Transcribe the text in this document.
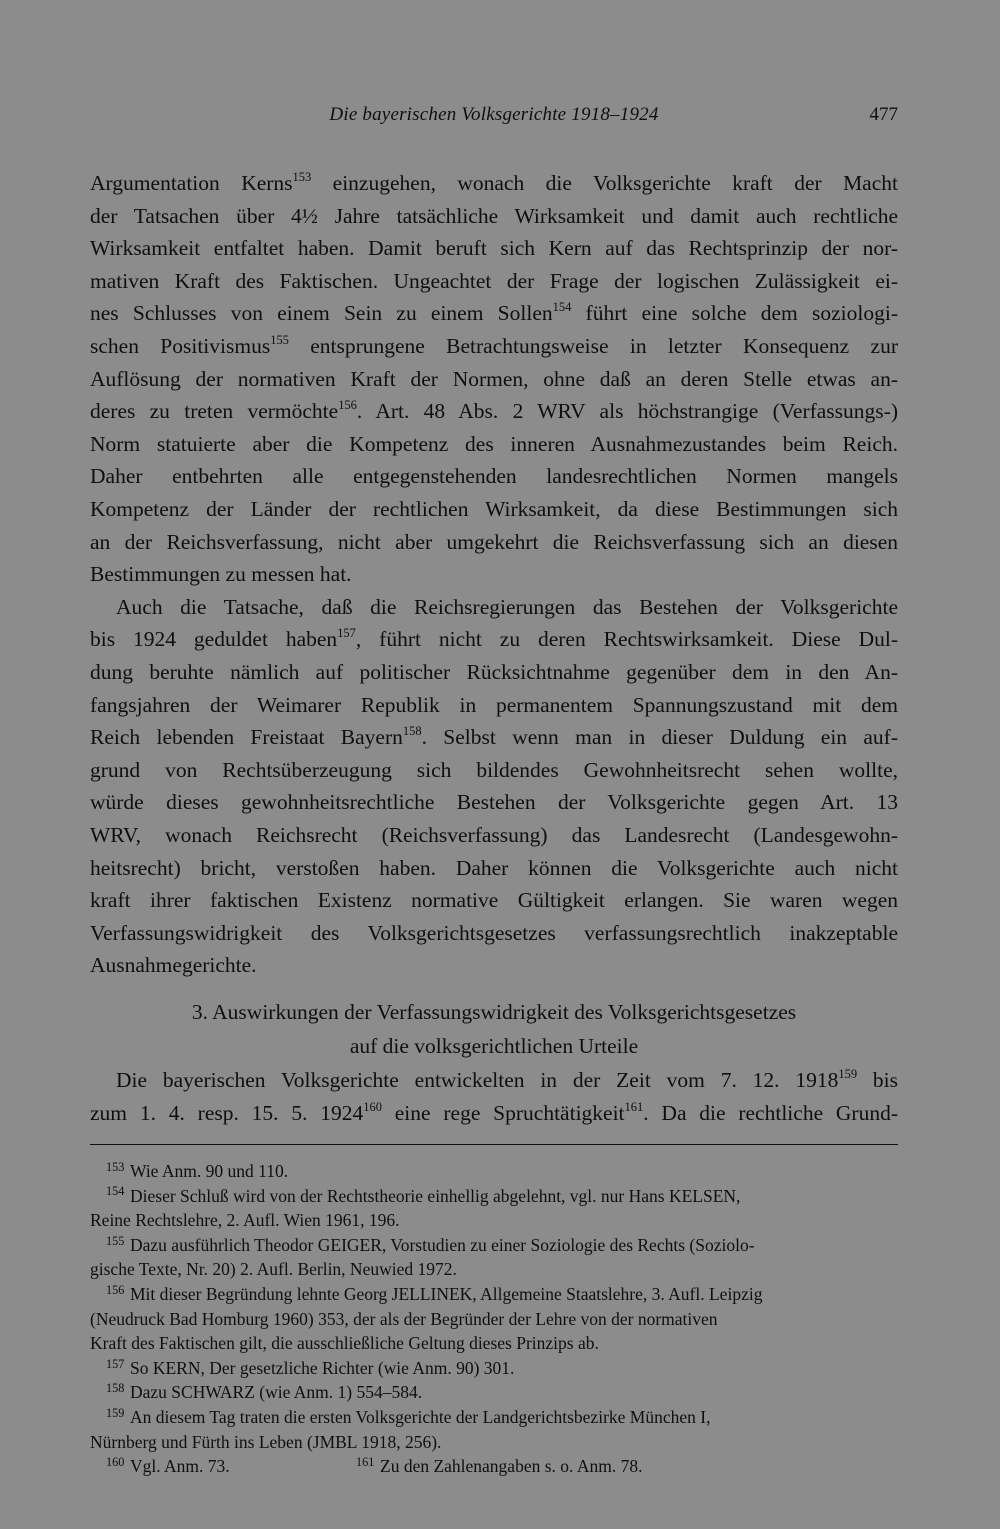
Die bayerischen Volksgerichte 1918–1924	477
Argumentation Kerns$^{153}$ einzugehen, wonach die Volksgerichte kraft der Macht
der Tatsachen über 4½ Jahre tatsächliche Wirksamkeit und damit auch rechtliche
Wirksamkeit entfaltet haben. Damit beruft sich Kern auf das Rechtsprinzip der nor-
mativen Kraft des Faktischen. Ungeachtet der Frage der logischen Zulässigkeit ei-
nes Schlusses von einem Sein zu einem Sollen$^{154}$ führt eine solche dem soziologi-
schen Positivismus$^{155}$ entsprungene Betrachtungsweise in letzter Konsequenz zur
Auflösung der normativen Kraft der Normen, ohne daß an deren Stelle etwas an-
deres zu treten vermöchte$^{156}$. Art. 48 Abs. 2 WRV als höchstrangige (Verfassungs-)
Norm statuierte aber die Kompetenz des inneren Ausnahmezustandes beim Reich.
Daher entbehrten alle entgegenstehenden landesrechtlichen Normen mangels
Kompetenz der Länder der rechtlichen Wirksamkeit, da diese Bestimmungen sich
an der Reichsverfassung, nicht aber umgekehrt die Reichsverfassung sich an diesen
Bestimmungen zu messen hat.
Auch die Tatsache, daß die Reichsregierungen das Bestehen der Volksgerichte
bis 1924 geduldet haben$^{157}$, führt nicht zu deren Rechtswirksamkeit. Diese Dul-
dung beruhte nämlich auf politischer Rücksichtnahme gegenüber dem in den An-
fangsjahren der Weimarer Republik in permanentem Spannungszustand mit dem
Reich lebenden Freistaat Bayern$^{158}$. Selbst wenn man in dieser Duldung ein auf-
grund von Rechtsüberzeugung sich bildendes Gewohnheitsrecht sehen wollte,
würde dieses gewohnheitsrechtliche Bestehen der Volksgerichte gegen Art. 13
WRV, wonach Reichsrecht (Reichsverfassung) das Landesrecht (Landesgewohn-
heitsrecht) bricht, verstoßen haben. Daher können die Volksgerichte auch nicht
kraft ihrer faktischen Existenz normative Gültigkeit erlangen. Sie waren wegen
Verfassungswidrigkeit des Volksgerichtsgesetzes verfassungsrechtlich inakzeptable
Ausnahmegerichte.
3. Auswirkungen der Verfassungswidrigkeit des Volksgerichtsgesetzes
auf die volksgerichtlichen Urteile
Die bayerischen Volksgerichte entwickelten in der Zeit vom 7. 12. 1918$^{159}$ bis
zum 1. 4. resp. 15. 5. 1924$^{160}$ eine rege Spruchtätigkeit$^{161}$. Da die rechtliche Grund-
153 Wie Anm. 90 und 110.
154 Dieser Schluß wird von der Rechtstheorie einhellig abgelehnt, vgl. nur Hans KELSEN,
Reine Rechtslehre, 2. Aufl. Wien 1961, 196.
155 Dazu ausführlich Theodor GEIGER, Vorstudien zu einer Soziologie des Rechts (Soziolo-
gische Texte, Nr. 20) 2. Aufl. Berlin, Neuwied 1972.
156 Mit dieser Begründung lehnte Georg JELLINEK, Allgemeine Staatslehre, 3. Aufl. Leipzig
(Neudruck Bad Homburg 1960) 353, der als der Begründer der Lehre von der normativen
Kraft des Faktischen gilt, die ausschließliche Geltung dieses Prinzips ab.
157 So KERN, Der gesetzliche Richter (wie Anm. 90) 301.
158 Dazu SCHWARZ (wie Anm. 1) 554–584.
159 An diesem Tag traten die ersten Volksgerichte der Landgerichtsbezirke München I,
Nürnberg und Fürth ins Leben (JMBL 1918, 256).
160 Vgl. Anm. 73.	161 Zu den Zahlenangaben s. o. Anm. 78.
